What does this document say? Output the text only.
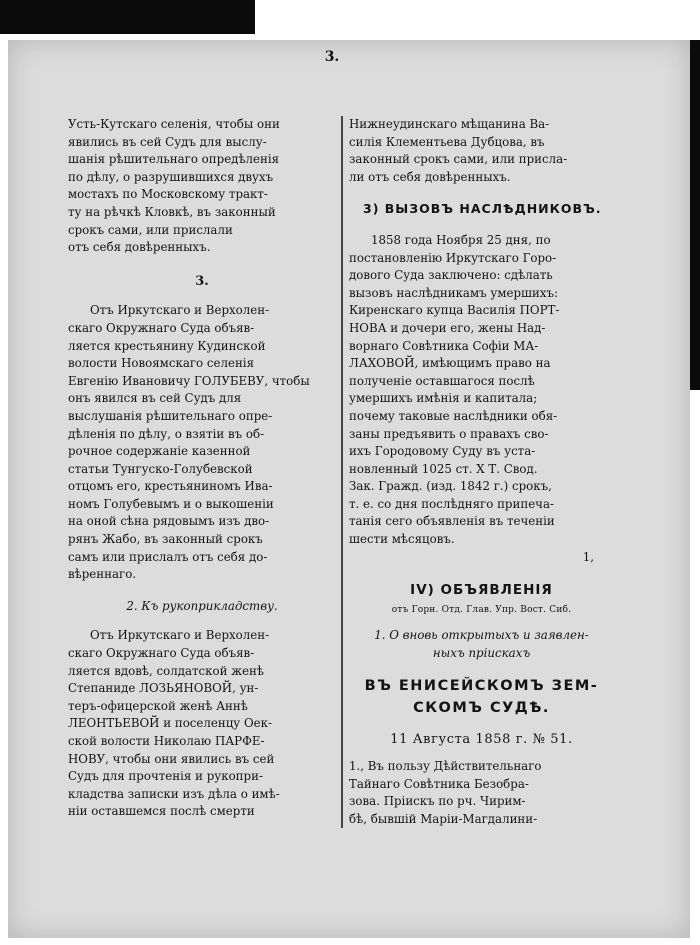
3.

Усть-Кутскаго селенія, чтобы они

явились въ сей Судъ для выслу-

шанія рѣшительнаго опредѣленія

по дѣлу, о разрушившихся двухъ

мостахъ по Московскому тракт-

ту на рѣчкѣ Кловкѣ, въ законный

срокъ сами, или прислали

отъ себя довѣренныхъ.

3.

Отъ Иркутскаго и Верхолен-

скаго Окружнаго Суда объяв-

ляется крестьянину Кудинской

волости Новоямскаго селенія

Евгенію Ивановичу ГОЛУБЕВУ, чтобы

онъ явился въ сей Судъ для

выслушанія рѣшительнаго опре-

дѣленія по дѣлу, о взятіи въ об-

рочное содержаніе казенной

статьи Тунгуско-Голубевской

отцомъ его, крестьяниномъ Ива-

номъ Голубевымъ и о выкошеніи

на оной сѣна рядовымъ изъ дво-

рянъ Жабо, въ законный срокъ

самъ или прислалъ отъ себя до-

вѣреннаго.

2. Къ рукоприкладству.

Отъ Иркутскаго и Верхолен-

скаго Окружнаго Суда объяв-

ляется вдовѣ, солдатской женѣ

Степаниде ЛОЗЬЯНОВОЙ, ун-

теръ-офицерской женѣ Аннѣ

ЛЕОНТЬЕВОЙ и поселенцу Оек-

ской волости Николаю ПАРФЕ-

НОВУ, чтобы они явились въ сей

Судъ для прочтенія и рукопри-

кладства записки изъ дѣла о имѣ-

ніи оставшемся послѣ смерти

Нижнеудинскаго мѣщанина Ва-

силія Клементьева Дубцова, въ

законный срокъ сами, или присла-

ли отъ себя довѣренныхъ.

3) ВЫЗОВЪ НАСЛѢДНИКОВЪ.

1858 года Ноября 25 дня, по

постановленію Иркутскаго Горо-

дового Суда заключено: сдѣлать

вызовъ наслѣдникамъ умершихъ:

Киренскаго купца Василія ПОРТ-

НОВА и дочери его, жены Над-

ворнаго Совѣтника Софіи МА-

ЛАХОВОЙ, имѣющимъ право на

полученіе оставшагося послѣ

умершихъ имѣнія и капитала;

почему таковые наслѣдники обя-

заны предъявить о правахъ сво-

ихъ Городовому Суду въ уста-

новленный 1025 ст. X Т. Свод.

Зак. Гражд. (изд. 1842 г.) срокъ,

т. е. со дня послѣдняго припеча-

танія сего объявленія въ теченіи

шести мѣсяцовъ.

1,

IV) ОБЪЯВЛЕНІЯ
отъ Горн. Отд. Глав. Упр. Вост. Сиб.

1. О вновь открытыхъ и заявлен-

ныхъ пріискахъ

ВЪ ЕНИСЕЙСКОМЪ ЗЕМ-
СКОМЪ СУДѢ.
11 Августа 1858 г. № 51.

1., Въ пользу Дѣйствительнаго

Тайнаго Совѣтника Безобра-

зова. Пріискъ по рч. Чирим-

бѣ, бывшій Маріи-Магдалини-
